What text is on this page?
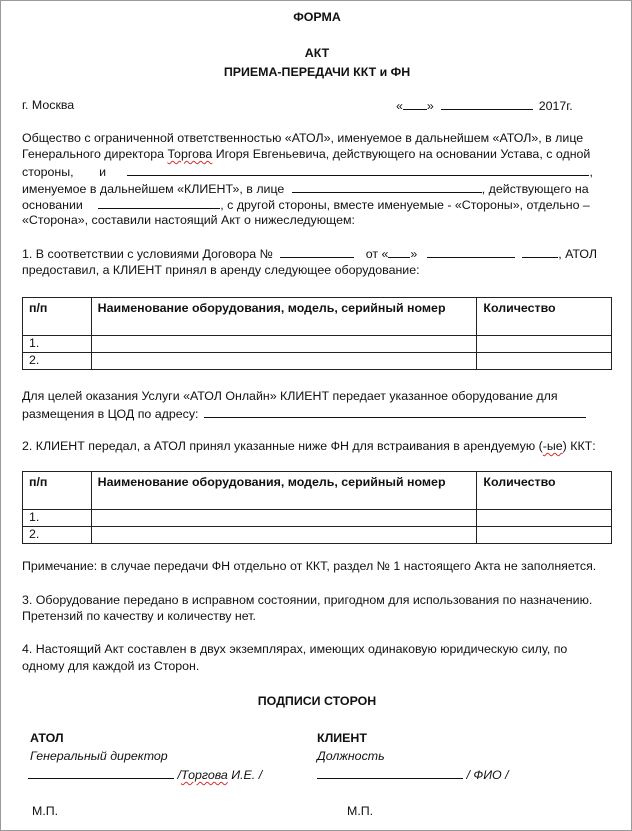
ФОРМА
АКТ
ПРИЕМА-ПЕРЕДАЧИ ККТ и ФН
г. Москва	« »	2017г.
Общество с ограниченной ответственностью «АТОЛ», именуемое в дальнейшем «АТОЛ», в лице
Генерального директора Торгова Игоря Евгеньевича, действующего на основании Устава, с одной
стороны, и	,
именуемое в дальнейшем «КЛИЕНТ», в лице	, действующего на
основании	, с другой стороны, вместе именуемые - «Стороны», отдельно –
«Сторона», составили настоящий Акт о нижеследующем:
1. В соответствии с условиями Договора №	от « »	, АТОЛ
предоставил, а КЛИЕНТ принял в аренду следующее оборудование:
п/п	Наименование оборудования, модель, серийный номер	Количество
1.		
2.		
Для целей оказания Услуги «АТОЛ Онлайн» КЛИЕНТ передает указанное оборудование для
размещения в ЦОД по адресу:
2. КЛИЕНТ передал, а АТОЛ принял указанные ниже ФН для встраивания в арендуемую (-ые) ККТ:
п/п	Наименование оборудования, модель, серийный номер	Количество
1.		
2.		
Примечание: в случае передачи ФН отдельно от ККТ, раздел № 1 настоящего Акта не заполняется.
3. Оборудование передано в исправном состоянии, пригодном для использования по назначению.
Претензий по качеству и количеству нет.
4. Настоящий Акт составлен в двух экземплярах, имеющих одинаковую юридическую силу, по
одному для каждой из Сторон.
ПОДПИСИ СТОРОН
АТОЛ
Генеральный директор
/Торгова И.Е. /
М.П.
КЛИЕНТ
Должность
/ ФИО /
М.П.
